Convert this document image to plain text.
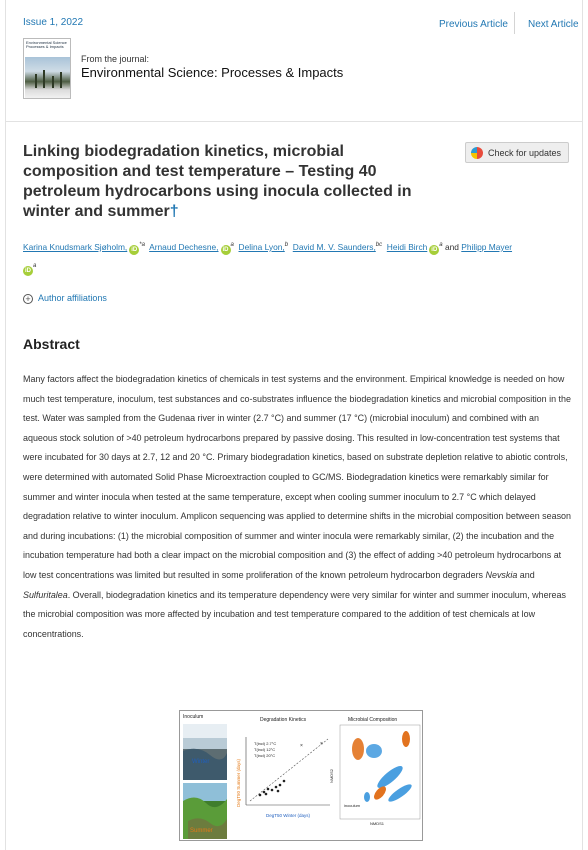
Issue 1, 2022	Previous Article Next Article
Environmental Science Processes & Impacts
From the journal:
Environmental Science: Processes & Impacts
Linking biodegradation kinetics, microbial composition and test temperature – Testing 40 petroleum hydrocarbons using inocula collected in winter and summer†
Check for updates
Karina Knudsmark Sjøholm, $iD^{*a}$ Arnaud Dechesne, $iD^a$ Delina Lyon,$^b$ David M. V. Saunders,$^{bc}$ Heidi Birch $iD^a$ and Philipp Mayer
$iD^a$
+ Author affiliations
Abstract

Many factors affect the biodegradation kinetics of chemicals in test systems and the environment. Empirical knowledge is needed on how much test temperature, inoculum, test substances and co-substrates influence the biodegradation kinetics and microbial composition in the test. Water was sampled from the Gudenaa river in winter (2.7 °C) and summer (17 °C) (microbial inoculum) and combined with an aqueous stock solution of >40 petroleum hydrocarbons prepared by passive dosing. This resulted in low-concentration test systems that were incubated for 30 days at 2.7, 12 and 20 °C. Primary biodegradation kinetics, based on substrate depletion relative to abiotic controls, were determined with automated Solid Phase Microextraction coupled to GC/MS. Biodegradation kinetics were remarkably similar for summer and winter inocula when tested at the same temperature, except when cooling summer inoculum to 2.7 °C which delayed degradation relative to winter inoculum. Amplicon sequencing was applied to determine shifts in the microbial composition between season and during incubations: (1) the microbial composition of summer and winter inocula were remarkably similar, (2) the incubation and the incubation temperature had both a clear impact on the microbial composition and (3) the effect of adding >40 petroleum hydrocarbons at low test concentrations was limited but resulted in some proliferation of the known petroleum hydrocarbon degraders Nevskia and Sulfuritalea. Overall, biodegradation kinetics and its temperature dependency were very similar for winter and summer inoculum, whereas the microbial composition was more affected by incubation and test temperature compared to the addition of test chemicals at low concentrations.

Inoculum
Winter
Summer
Degradation Kinetics
T(incl) 2.7°C
T(incl) 12°C
T(incl) 20°C
×	×
DegT50 Winter (days)
DegT50 Summer (days)	NMDS2
Microbial Composition
inoculum
NMDS1
